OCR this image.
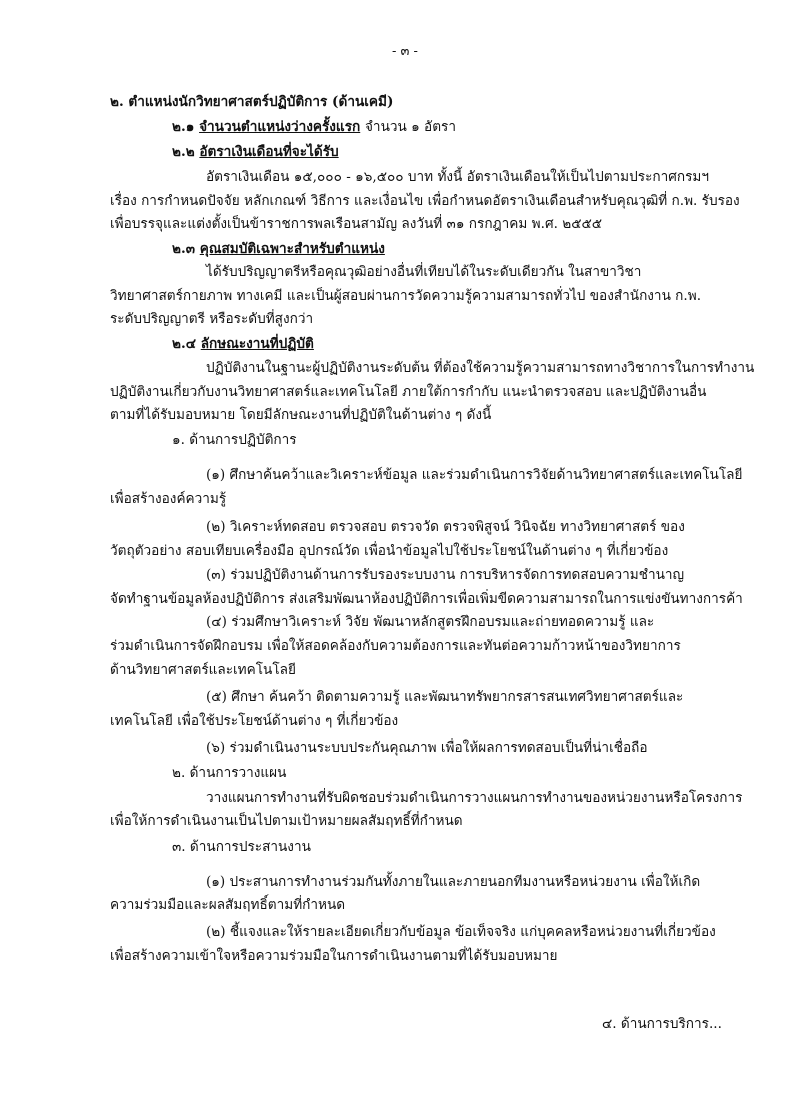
- ๓ -
๒. ตำแหน่งนักวิทยาศาสตร์ปฏิบัติการ (ด้านเคมี)
๒.๑ จำนวนตำแหน่งว่างครั้งแรก จำนวน ๑ อัตรา
๒.๒ อัตราเงินเดือนที่จะได้รับ
อัตราเงินเดือน ๑๕,๐๐๐ - ๑๖,๕๐๐ บาท ทั้งนี้ อัตราเงินเดือนให้เป็นไปตามประกาศกรมฯ
เรื่อง การกำหนดปัจจัย หลักเกณฑ์ วิธีการ และเงื่อนไข เพื่อกำหนดอัตราเงินเดือนสำหรับคุณวุฒิที่ ก.พ. รับรอง
เพื่อบรรจุและแต่งตั้งเป็นข้าราชการพลเรือนสามัญ ลงวันที่ ๓๑ กรกฎาคม พ.ศ. ๒๕๕๕
๒.๓ คุณสมบัติเฉพาะสำหรับตำแหน่ง
ได้รับปริญญาตรีหรือคุณวุฒิอย่างอื่นที่เทียบได้ในระดับเดียวกัน ในสาขาวิชา
วิทยาศาสตร์กายภาพ ทางเคมี และเป็นผู้สอบผ่านการวัดความรู้ความสามารถทั่วไป ของสำนักงาน ก.พ.
ระดับปริญญาตรี หรือระดับที่สูงกว่า
๒.๔ ลักษณะงานที่ปฏิบัติ
ปฏิบัติงานในฐานะผู้ปฏิบัติงานระดับต้น ที่ต้องใช้ความรู้ความสามารถทางวิชาการในการทำงาน
ปฏิบัติงานเกี่ยวกับงานวิทยาศาสตร์และเทคโนโลยี ภายใต้การกำกับ แนะนำตรวจสอบ และปฏิบัติงานอื่น
ตามที่ได้รับมอบหมาย โดยมีลักษณะงานที่ปฏิบัติในด้านต่าง ๆ ดังนี้
๑. ด้านการปฏิบัติการ
(๑) ศึกษาค้นคว้าและวิเคราะห์ข้อมูล และร่วมดำเนินการวิจัยด้านวิทยาศาสตร์และเทคโนโลยี
เพื่อสร้างองค์ความรู้
(๒) วิเคราะห์ทดสอบ ตรวจสอบ ตรวจวัด ตรวจพิสูจน์ วินิจฉัย ทางวิทยาศาสตร์ ของ
วัตถุตัวอย่าง สอบเทียบเครื่องมือ อุปกรณ์วัด เพื่อนำข้อมูลไปใช้ประโยชน์ในด้านต่าง ๆ ที่เกี่ยวข้อง
(๓) ร่วมปฏิบัติงานด้านการรับรองระบบงาน การบริหารจัดการทดสอบความชำนาญ
จัดทำฐานข้อมูลห้องปฏิบัติการ ส่งเสริมพัฒนาห้องปฏิบัติการเพื่อเพิ่มขีดความสามารถในการแข่งขันทางการค้า
(๔) ร่วมศึกษาวิเคราะห์ วิจัย พัฒนาหลักสูตรฝึกอบรมและถ่ายทอดความรู้ และ
ร่วมดำเนินการจัดฝึกอบรม เพื่อให้สอดคล้องกับความต้องการและทันต่อความก้าวหน้าของวิทยาการ
ด้านวิทยาศาสตร์และเทคโนโลยี
(๕) ศึกษา ค้นคว้า ติดตามความรู้ และพัฒนาทรัพยากรสารสนเทศวิทยาศาสตร์และ
เทคโนโลยี เพื่อใช้ประโยชน์ด้านต่าง ๆ ที่เกี่ยวข้อง
(๖) ร่วมดำเนินงานระบบประกันคุณภาพ เพื่อให้ผลการทดสอบเป็นที่น่าเชื่อถือ
๒. ด้านการวางแผน
วางแผนการทำงานที่รับผิดชอบร่วมดำเนินการวางแผนการทำงานของหน่วยงานหรือโครงการ
เพื่อให้การดำเนินงานเป็นไปตามเป้าหมายผลสัมฤทธิ์ที่กำหนด
๓. ด้านการประสานงาน
(๑) ประสานการทำงานร่วมกันทั้งภายในและภายนอกทีมงานหรือหน่วยงาน เพื่อให้เกิด
ความร่วมมือและผลสัมฤทธิ์ตามที่กำหนด
(๒) ชี้แจงและให้รายละเอียดเกี่ยวกับข้อมูล ข้อเท็จจริง แก่บุคคลหรือหน่วยงานที่เกี่ยวข้อง
เพื่อสร้างความเข้าใจหรือความร่วมมือในการดำเนินงานตามที่ได้รับมอบหมาย
๔. ด้านการบริการ...
